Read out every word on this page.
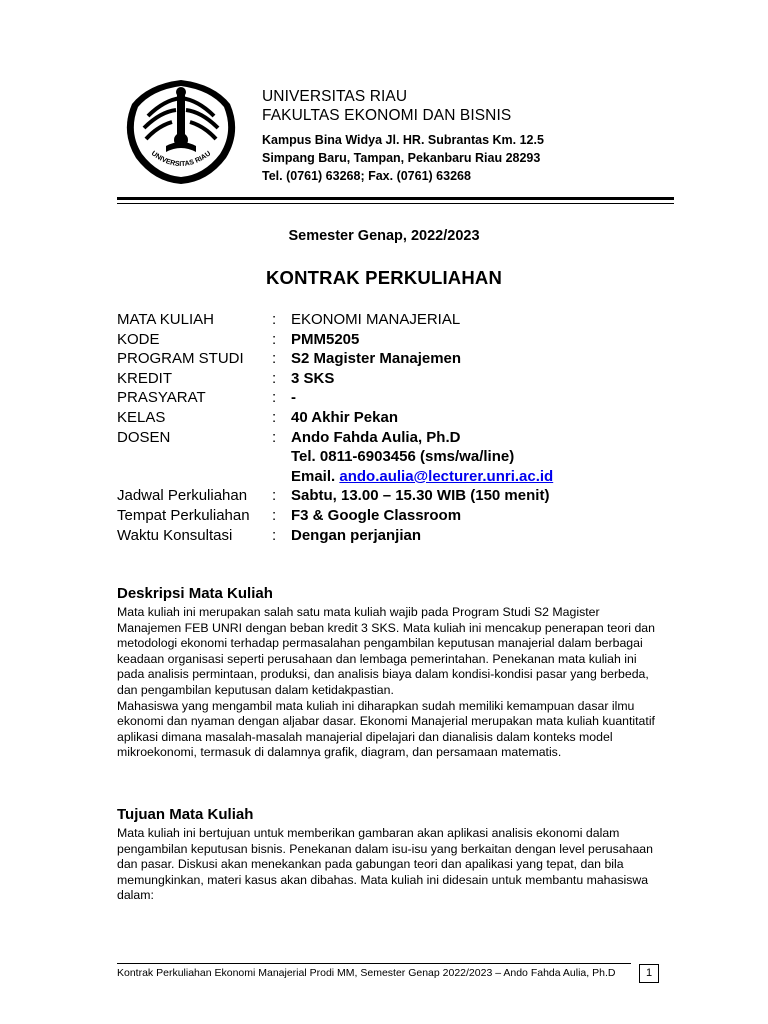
UNIVERSITAS RIAU
UNIVERSITAS RIAU
FAKULTAS EKONOMI DAN BISNIS
Kampus Bina Widya Jl. HR. Subrantas Km. 12.5
Simpang Baru, Tampan, Pekanbaru Riau 28293
Tel. (0761) 63268; Fax. (0761) 63268
Semester Genap, 2022/2023
KONTRAK PERKULIAHAN
MATA KULIAH	:	EKONOMI MANAJERIAL
KODE	:	PMM5205
PROGRAM STUDI	:	S2 Magister Manajemen
KREDIT	:	3 SKS
PRASYARAT	:	-
KELAS	:	40 Akhir Pekan
DOSEN	:	Ando Fahda Aulia, Ph.D
		Tel. 0811-6903456 (sms/wa/line)
		Email. ando.aulia@lecturer.unri.ac.id
Jadwal Perkuliahan	:	Sabtu, 13.00 – 15.30 WIB (150 menit)
Tempat Perkuliahan	:	F3 & Google Classroom
Waktu Konsultasi	:	Dengan perjanjian
Deskripsi Mata Kuliah

Mata kuliah ini merupakan salah satu mata kuliah wajib pada Program Studi S2 Magister Manajemen FEB UNRI dengan beban kredit 3 SKS. Mata kuliah ini mencakup penerapan teori dan metodologi ekonomi terhadap permasalahan pengambilan keputusan manajerial dalam berbagai keadaan organisasi seperti perusahaan dan lembaga pemerintahan. Penekanan mata kuliah ini pada analisis permintaan, produksi, dan analisis biaya dalam kondisi-kondisi pasar yang berbeda, dan pengambilan keputusan dalam ketidakpastian.

Mahasiswa yang mengambil mata kuliah ini diharapkan sudah memiliki kemampuan dasar ilmu ekonomi dan nyaman dengan aljabar dasar. Ekonomi Manajerial merupakan mata kuliah kuantitatif aplikasi dimana masalah-masalah manajerial dipelajari dan dianalisis dalam konteks model mikroekonomi, termasuk di dalamnya grafik, diagram, dan persamaan matematis.

Tujuan Mata Kuliah

Mata kuliah ini bertujuan untuk memberikan gambaran akan aplikasi analisis ekonomi dalam pengambilan keputusan bisnis. Penekanan dalam isu-isu yang berkaitan dengan level perusahaan dan pasar. Diskusi akan menekankan pada gabungan teori dan apalikasi yang tepat, dan bila memungkinkan, materi kasus akan dibahas. Mata kuliah ini didesain untuk membantu mahasiswa dalam:

Kontrak Perkuliahan Ekonomi Manajerial Prodi MM, Semester Genap 2022/2023 – Ando Fahda Aulia, Ph.D	1
